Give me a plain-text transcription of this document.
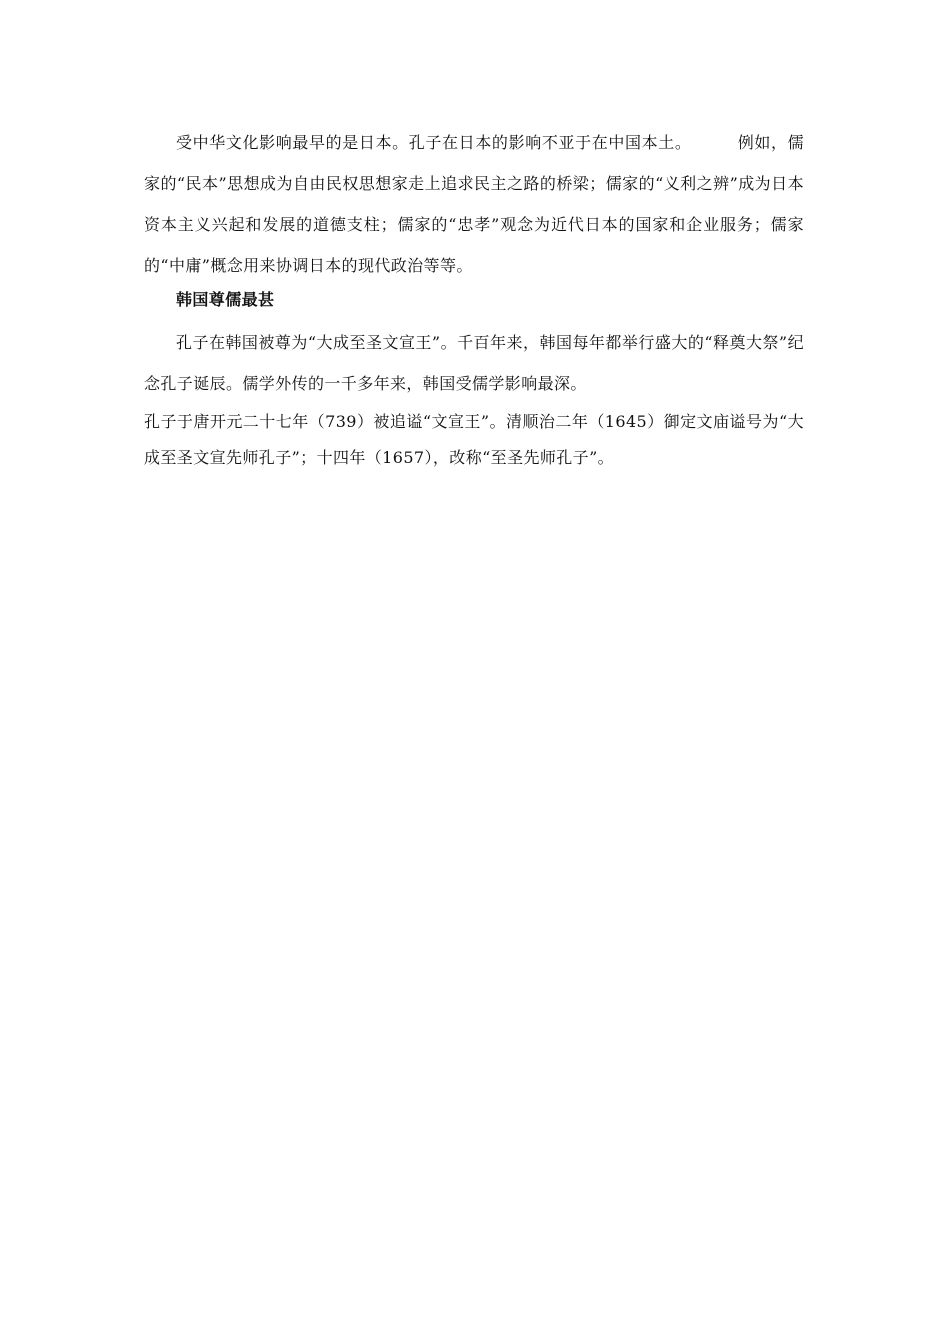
受中华文化影响最早的是日本。孔子在日本的影响不亚于在中国本土。	例如，儒家的“民本”思想成为自由民权思想家走上追求民主之路的桥梁；儒家的“义利之辨”成为日本资本主义兴起和发展的道德支柱；儒家的“忠孝”观念为近代日本的国家和企业服务；儒家的“中庸”概念用来协调日本的现代政治等等。

韩国尊儒最甚

孔子在韩国被尊为“大成至圣文宣王”。千百年来，韩国每年都举行盛大的“释奠大祭”纪念孔子诞辰。儒学外传的一千多年来，韩国受儒学影响最深。

孔子于唐开元二十七年（739）被追谥“文宣王”。清顺治二年（1645）御定文庙谥号为“大成至圣文宣先师孔子”；十四年（1657），改称“至圣先师孔子”。
